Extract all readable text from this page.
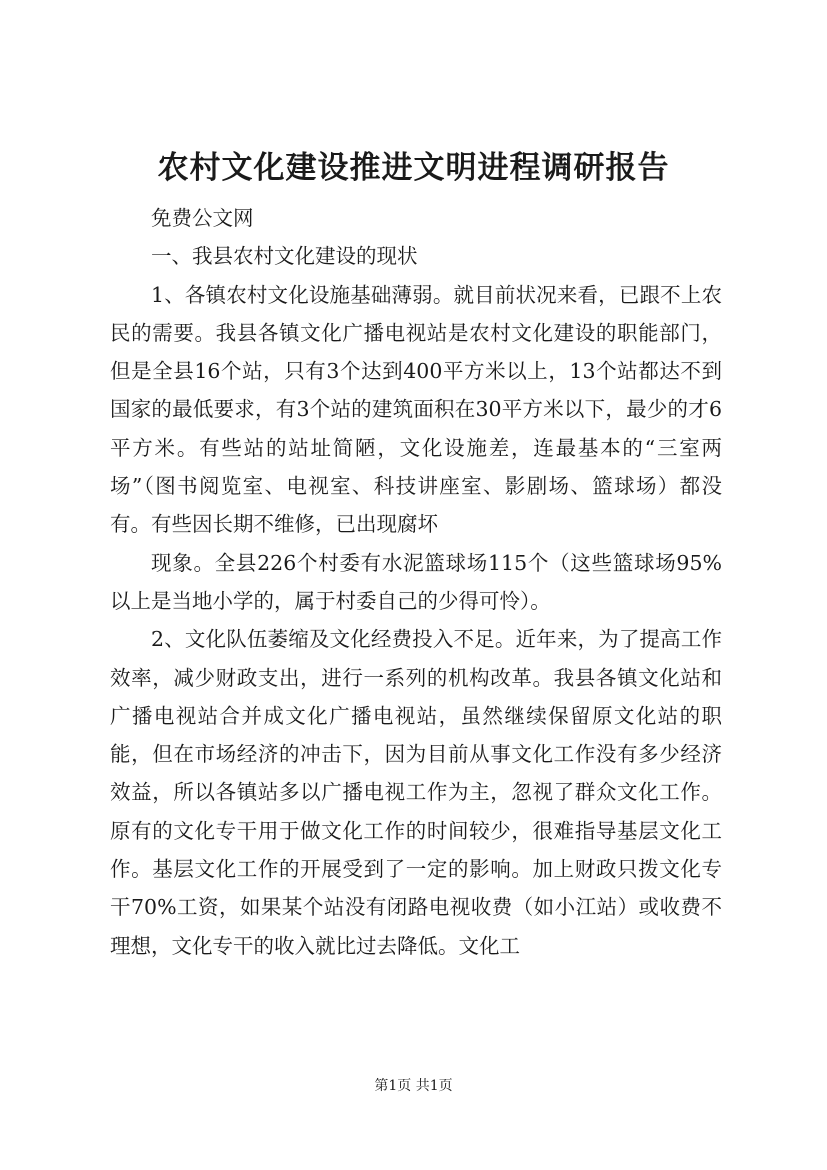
农村文化建设推进文明进程调研报告

免费公文网

一、我县农村文化建设的现状

1、各镇农村文化设施基础薄弱。就目前状况来看，已跟不上农民的需要。我县各镇文化广播电视站是农村文化建设的职能部门，但是全县16个站，只有3个达到400平方米以上，13个站都达不到国家的最低要求，有3个站的建筑面积在30平方米以下，最少的才6平方米。有些站的站址简陋，文化设施差，连最基本的“三室两场”（图书阅览室、电视室、科技讲座室、影剧场、篮球场）都没有。有些因长期不维修，已出现腐坏

现象。全县226个村委有水泥篮球场115个（这些篮球场95%以上是当地小学的，属于村委自己的少得可怜）。

2、文化队伍萎缩及文化经费投入不足。近年来，为了提高工作效率，减少财政支出，进行一系列的机构改革。我县各镇文化站和广播电视站合并成文化广播电视站，虽然继续保留原文化站的职能，但在市场经济的冲击下，因为目前从事文化工作没有多少经济效益，所以各镇站多以广播电视工作为主，忽视了群众文化工作。原有的文化专干用于做文化工作的时间较少，很难指导基层文化工作。基层文化工作的开展受到了一定的影响。加上财政只拨文化专干70%工资，如果某个站没有闭路电视收费（如小江站）或收费不理想，文化专干的收入就比过去降低。文化工

第1页 共1页
